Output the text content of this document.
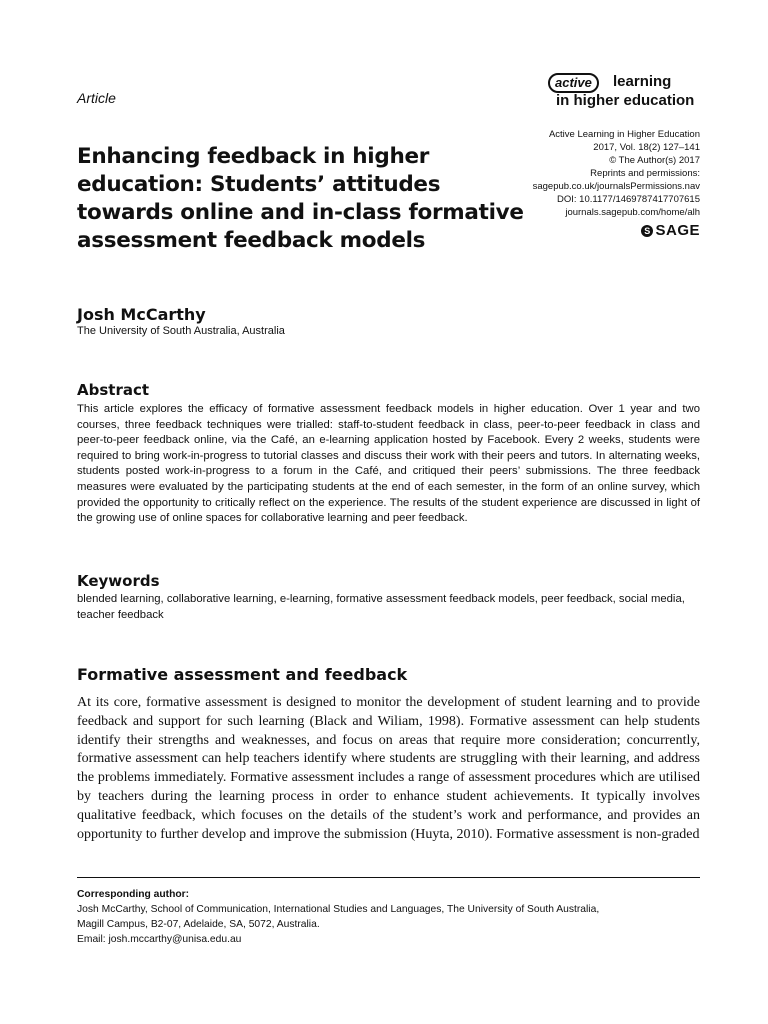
Article
active	learning
in higher education
Active Learning in Higher Education
2017, Vol. 18(2) 127–141
© The Author(s) 2017
Reprints and permissions:
sagepub.co.uk/journalsPermissions.nav
DOI: 10.1177/1469787417707615
journals.sagepub.com/home/alh
S SAGE
Enhancing feedback in higher education: Students’ attitudes towards online and in-class formative assessment feedback models
Josh McCarthy
The University of South Australia, Australia
Abstract
This article explores the efficacy of formative assessment feedback models in higher education. Over 1 year and two courses, three feedback techniques were trialled: staff-to-student feedback in class, peer-to-peer feedback in class and peer-to-peer feedback online, via the Café, an e-learning application hosted by Facebook. Every 2 weeks, students were required to bring work-in-progress to tutorial classes and discuss their work with their peers and tutors. In alternating weeks, students posted work-in-progress to a forum in the Café, and critiqued their peers’ submissions. The three feedback measures were evaluated by the participating students at the end of each semester, in the form of an online survey, which provided the opportunity to critically reflect on the experience. The results of the student experience are discussed in light of the growing use of online spaces for collaborative learning and peer feedback.
Keywords
blended learning, collaborative learning, e-learning, formative assessment feedback models, peer feedback, social media, teacher feedback
Formative assessment and feedback
At its core, formative assessment is designed to monitor the development of student learning and to provide feedback and support for such learning (Black and Wiliam, 1998). Formative assessment can help students identify their strengths and weaknesses, and focus on areas that require more consideration; concurrently, formative assessment can help teachers identify where students are struggling with their learning, and address the problems immediately. Formative assessment includes a range of assessment procedures which are utilised by teachers during the learning process in order to enhance student achievements. It typically involves qualitative feedback, which focuses on the details of the student’s work and performance, and provides an opportunity to further develop and improve the submission (Huyta, 2010). Formative assessment is non-graded
Corresponding author:
Josh McCarthy, School of Communication, International Studies and Languages, The University of South Australia,
Magill Campus, B2-07, Adelaide, SA, 5072, Australia.
Email: josh.mccarthy@unisa.edu.au
